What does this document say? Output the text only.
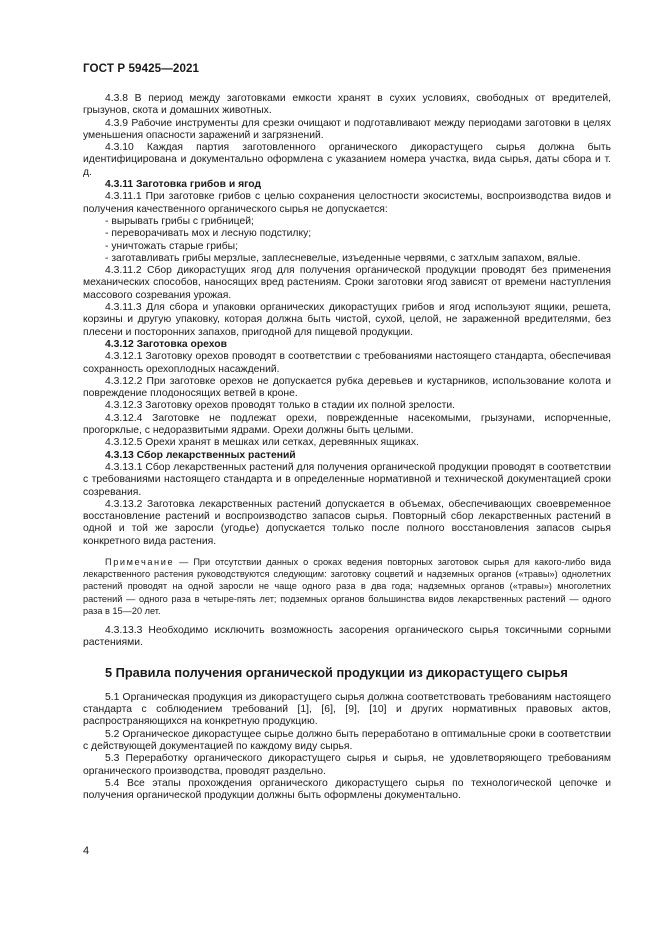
ГОСТ Р 59425—2021

4.3.8 В период между заготовками емкости хранят в сухих условиях, свободных от вредителей, грызунов, скота и домашних животных.

4.3.9 Рабочие инструменты для срезки очищают и подготавливают между периодами заготовки в целях уменьшения опасности заражений и загрязнений.

4.3.10 Каждая партия заготовленного органического дикорастущего сырья должна быть идентифицирована и документально оформлена с указанием номера участка, вида сырья, даты сбора и т. д.

4.3.11 Заготовка грибов и ягод

4.3.11.1 При заготовке грибов с целью сохранения целостности экосистемы, воспроизводства видов и получения качественного органического сырья не допускается:

- вырывать грибы с грибницей;

- переворачивать мох и лесную подстилку;

- уничтожать старые грибы;

- заготавливать грибы мерзлые, заплесневелые, изъеденные червями, с затхлым запахом, вялые.

4.3.11.2 Сбор дикорастущих ягод для получения органической продукции проводят без применения механических способов, наносящих вред растениям. Сроки заготовки ягод зависят от времени наступления массового созревания урожая.

4.3.11.3 Для сбора и упаковки органических дикорастущих грибов и ягод используют ящики, решета, корзины и другую упаковку, которая должна быть чистой, сухой, целой, не зараженной вредителями, без плесени и посторонних запахов, пригодной для пищевой продукции.

4.3.12 Заготовка орехов

4.3.12.1 Заготовку орехов проводят в соответствии с требованиями настоящего стандарта, обеспечивая сохранность орехоплодных насаждений.

4.3.12.2 При заготовке орехов не допускается рубка деревьев и кустарников, использование колота и повреждение плодоносящих ветвей в кроне.

4.3.12.3 Заготовку орехов проводят только в стадии их полной зрелости.

4.3.12.4 Заготовке не подлежат орехи, поврежденные насекомыми, грызунами, испорченные, прогорклые, с недоразвитыми ядрами. Орехи должны быть целыми.

4.3.12.5 Орехи хранят в мешках или сетках, деревянных ящиках.

4.3.13 Сбор лекарственных растений

4.3.13.1 Сбор лекарственных растений для получения органической продукции проводят в соответствии с требованиями настоящего стандарта и в определенные нормативной и технической документацией сроки созревания.

4.3.13.2 Заготовка лекарственных растений допускается в объемах, обеспечивающих своевременное восстановление растений и воспроизводство запасов сырья. Повторный сбор лекарственных растений в одной и той же заросли (угодье) допускается только после полного восстановления запасов сырья конкретного вида растения.

Примечание — При отсутствии данных о сроках ведения повторных заготовок сырья для какого-либо вида лекарственного растения руководствуются следующим: заготовку соцветий и надземных органов («травы») однолетних растений проводят на одной заросли не чаще одного раза в два года; надземных органов («травы») многолетних растений — одного раза в четыре-пять лет; подземных органов большинства видов лекарственных растений — одного раза в 15—20 лет.

4.3.13.3 Необходимо исключить возможность засорения органического сырья токсичными сорными растениями.

5 Правила получения органической продукции из дикорастущего сырья

5.1 Органическая продукция из дикорастущего сырья должна соответствовать требованиям настоящего стандарта с соблюдением требований [1], [6], [9], [10] и других нормативных правовых актов, распространяющихся на конкретную продукцию.

5.2 Органическое дикорастущее сырье должно быть переработано в оптимальные сроки в соответствии с действующей документацией по каждому виду сырья.

5.3 Переработку органического дикорастущего сырья и сырья, не удовлетворяющего требованиям органического производства, проводят раздельно.

5.4 Все этапы прохождения органического дикорастущего сырья по технологической цепочке и получения органической продукции должны быть оформлены документально.

4
